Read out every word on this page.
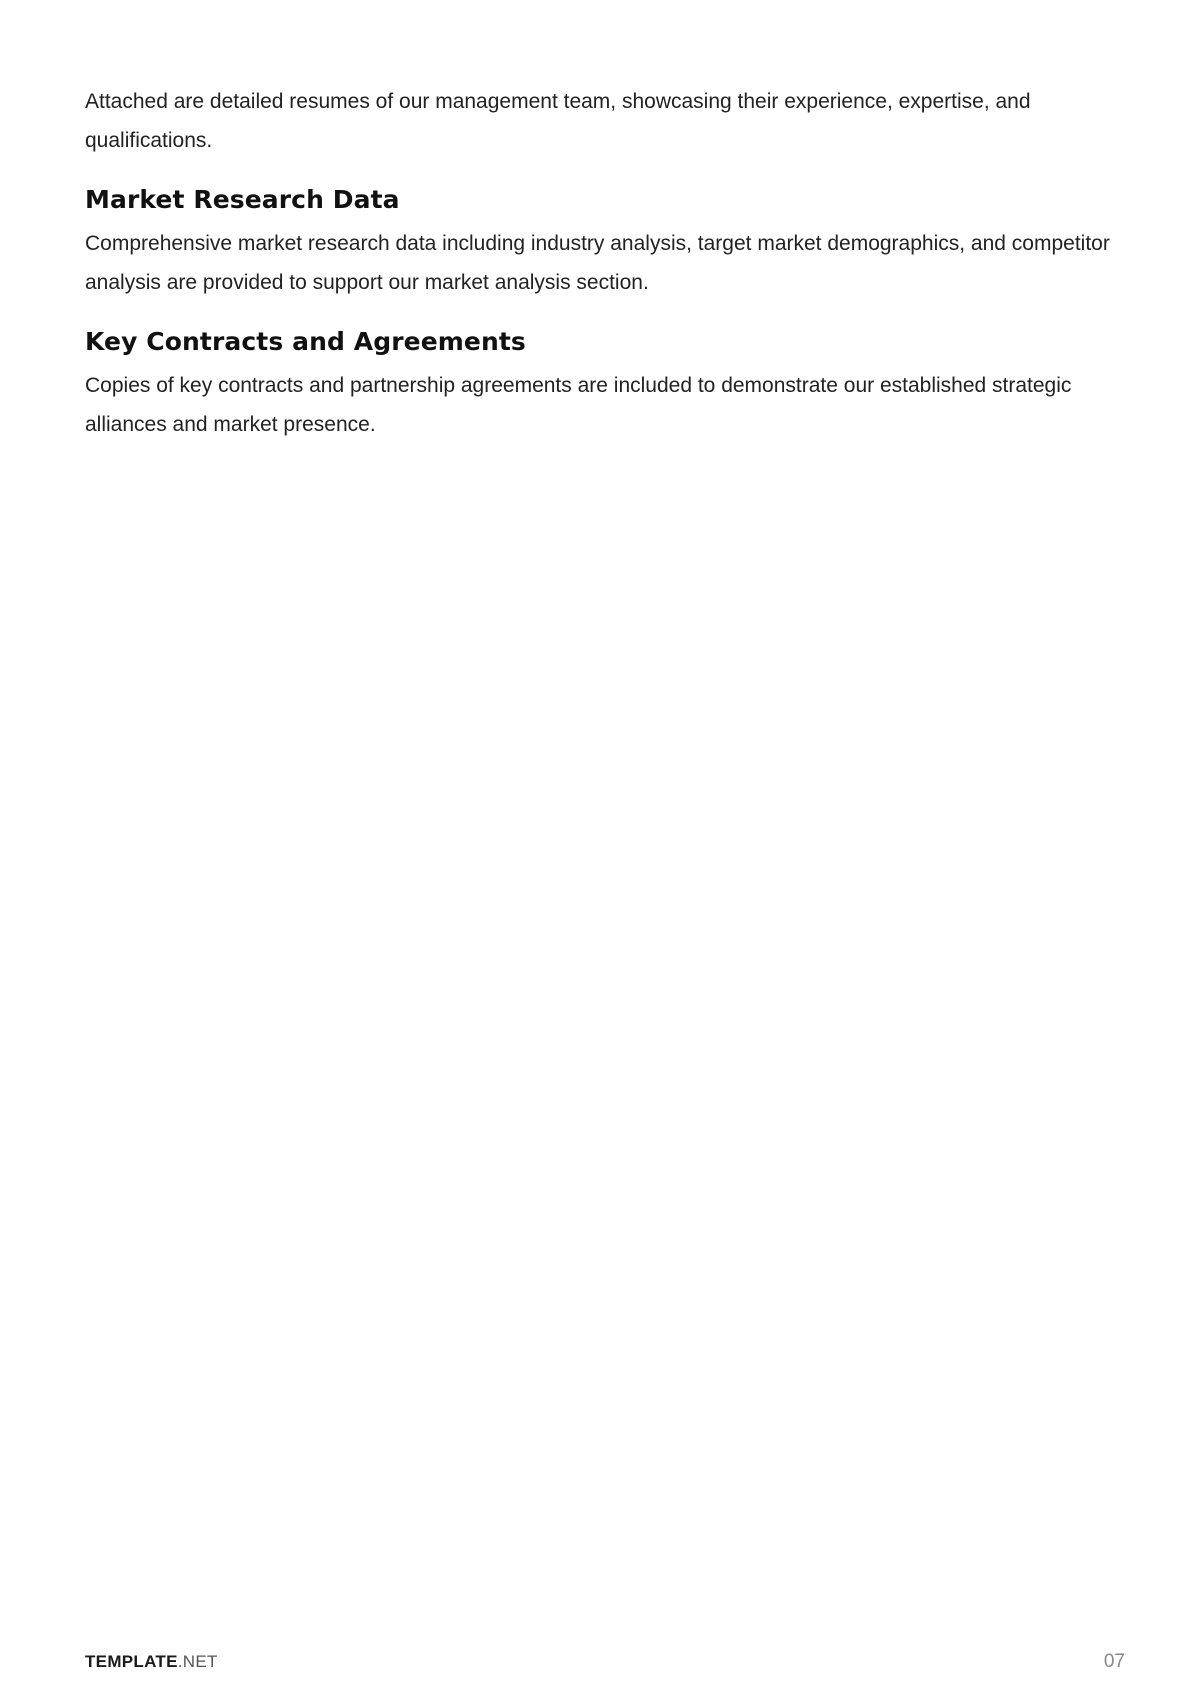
Attached are detailed resumes of our management team, showcasing their experience, expertise, and qualifications.

Market Research Data

Comprehensive market research data including industry analysis, target market demographics, and competitor analysis are provided to support our market analysis section.

Key Contracts and Agreements

Copies of key contracts and partnership agreements are included to demonstrate our established strategic alliances and market presence.

TEMPLATE.NET	07
